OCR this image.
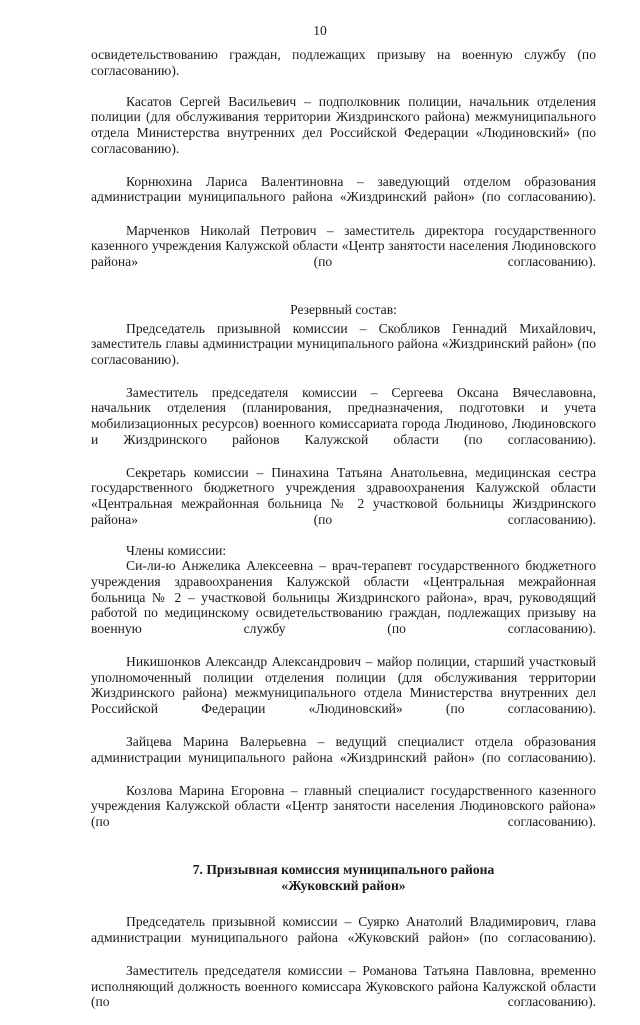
10

освидетельствованию граждан, подлежащих призыву на военную службу (по согласованию).

Касатов Сергей Васильевич – подполковник полиции, начальник отделения полиции (для обслуживания территории Жиздринского района) межмуниципального отдела Министерства внутренних дел Российской Федерации «Людиновский» (по согласованию).

Корнюхина Лариса Валентиновна – заведующий отделом образования администрации муниципального района «Жиздринский район» (по согласованию).

Марченков Николай Петрович – заместитель директора государственного казенного учреждения Калужской области «Центр занятости населения Людиновского района» (по согласованию).

Резервный состав:

Председатель призывной комиссии – Скобликов Геннадий Михайлович, заместитель главы администрации муниципального района «Жиздринский район» (по согласованию).

Заместитель председателя комиссии – Сергеева Оксана Вячеславовна, начальник отделения (планирования, предназначения, подготовки и учета мобилизационных ресурсов) военного комиссариата города Людиново, Людиновского и Жиздринского районов Калужской области (по согласованию).

Секретарь комиссии – Пинахина Татьяна Анатольевна, медицинская сестра государственного бюджетного учреждения здравоохранения Калужской области «Центральная межрайонная больница № 2 участковой больницы Жиздринского района» (по согласованию).

Члены комиссии:

Си-ли-ю Анжелика Алексеевна – врач-терапевт государственного бюджетного учреждения здравоохранения Калужской области «Центральная межрайонная больница № 2 – участковой больницы Жиздринского района», врач, руководящий работой по медицинскому освидетельствованию граждан, подлежащих призыву на военную службу (по согласованию).

Никишонков Александр Александрович – майор полиции, старший участковый уполномоченный полиции отделения полиции (для обслуживания территории Жиздринского района) межмуниципального отдела Министерства внутренних дел Российской Федерации «Людиновский» (по согласованию).

Зайцева Марина Валерьевна – ведущий специалист отдела образования администрации муниципального района «Жиздринский район» (по согласованию).

Козлова Марина Егоровна – главный специалист государственного казенного учреждения Калужской области «Центр занятости населения Людиновского района» (по согласованию).

7. Призывная комиссия муниципального района
«Жуковский район»

Председатель призывной комиссии – Суярко Анатолий Владимирович, глава администрации муниципального района «Жуковский район» (по согласованию).

Заместитель председателя комиссии – Романова Татьяна Павловна, временно исполняющий должность военного комиссара Жуковского района Калужской области (по согласованию).
